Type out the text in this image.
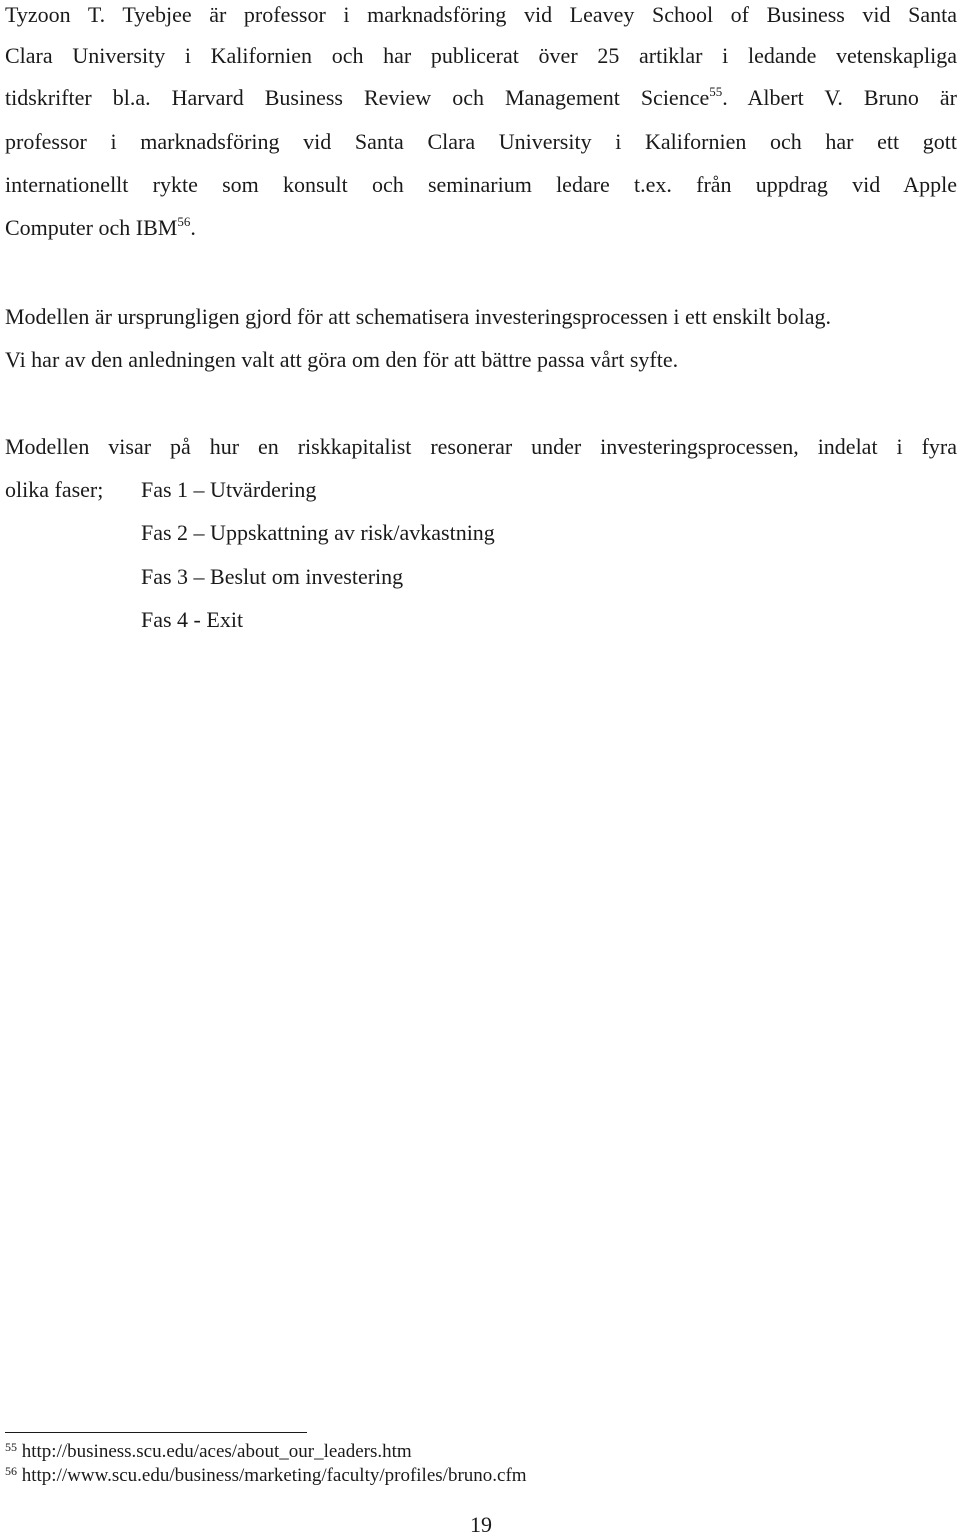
Tyzoon T. Tyebjee är professor i marknadsföring vid Leavey School of Business vid Santa
Clara University i Kalifornien och har publicerat över 25 artiklar i ledande vetenskapliga
tidskrifter bl.a. Harvard Business Review och Management Science$^{55}$. Albert V. Bruno är
professor i marknadsföring vid Santa Clara University i Kalifornien och har ett gott
internationellt rykte som konsult och seminarium ledare t.ex. från uppdrag vid Apple
Computer och IBM$^{56}$.
Modellen är ursprungligen gjord för att schematisera investeringsprocessen i ett enskilt bolag.
Vi har av den anledningen valt att göra om den för att bättre passa vårt syfte.
Modellen visar på hur en riskkapitalist resonerar under investeringsprocessen, indelat i fyra
olika faser; Fas 1 – Utvärdering
Fas 2 – Uppskattning av risk/avkastning
Fas 3 – Beslut om investering
Fas 4 - Exit
$^{55}$ http://business.scu.edu/aces/about_our_leaders.htm
$^{56}$ http://www.scu.edu/business/marketing/faculty/profiles/bruno.cfm
19
